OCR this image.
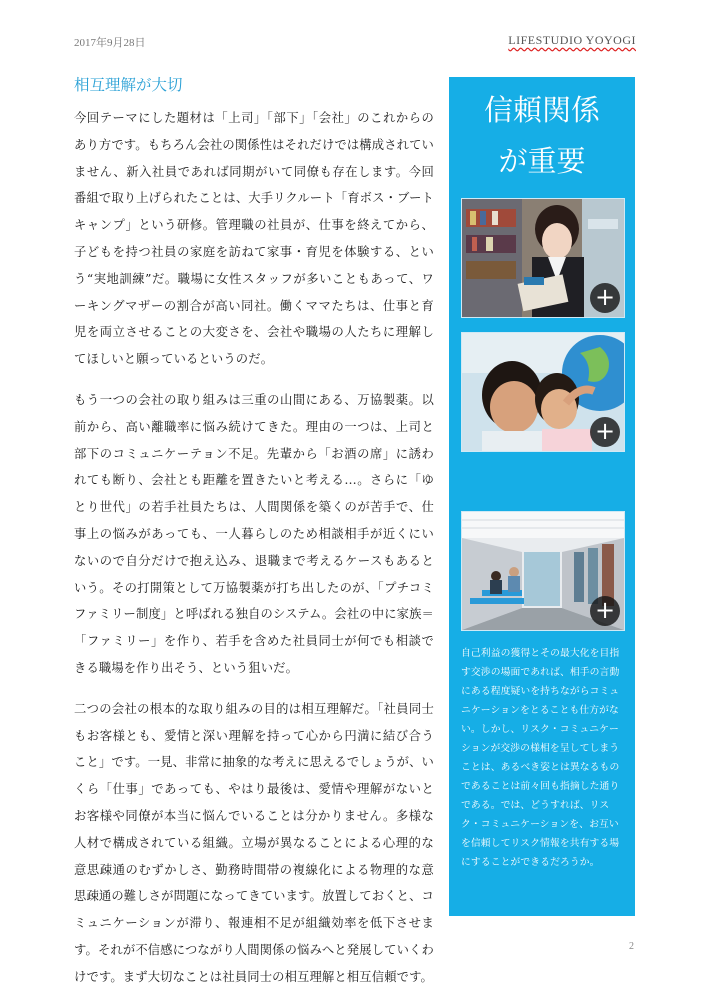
2017年9月28日	LIFESTUDIO YOYOGI
相互理解が大切

今回テーマにした題材は「上司」「部下」「会社」のこれからのあり方です。もちろん会社の関係性はそれだけでは構成されていません、新入社員であれば同期がいて同僚も存在します。今回番組で取り上げられたことは、大手リクルート「育ボス・ブートキャンプ」という研修。管理職の社員が、仕事を終えてから、子どもを持つ社員の家庭を訪ねて家事・育児を体験する、という“実地訓練”だ。職場に女性スタッフが多いこともあって、ワーキングマザーの割合が高い同社。働くママたちは、仕事と育児を両立させることの大変さを、会社や職場の人たちに理解してほしいと願っているというのだ。

もう一つの会社の取り組みは三重の山間にある、万協製薬。以前から、高い離職率に悩み続けてきた。理由の一つは、上司と部下のコミュニケーテョン不足。先輩から「お酒の席」に誘われても断り、会社とも距離を置きたいと考える…。さらに「ゆとり世代」の若手社員たちは、人間関係を築くのが苦手で、仕事上の悩みがあっても、一人暮らしのため相談相手が近くにいないので自分だけで抱え込み、退職まで考えるケースもあるという。その打開策として万協製薬が打ち出したのが、「プチコミファミリー制度」と呼ばれる独自のシステム。会社の中に家族＝「ファミリー」を作り、若手を含めた社員同士が何でも相談できる職場を作り出そう、という狙いだ。

二つの会社の根本的な取り組みの目的は相互理解だ。「社員同士もお客様とも、愛情と深い理解を持って心から円満に結び合うこと」です。一見、非常に抽象的な考えに思えるでしょうが、いくら「仕事」であっても、やはり最後は、愛情や理解がないとお客様や同僚が本当に悩んでいることは分かりません。多様な人材で構成されている組織。立場が異なることによる心理的な意思疎通のむずかしさ、勤務時間帯の複線化による物理的な意思疎通の難しさが問題になってきています。放置しておくと、コミュニケーションが滞り、報連相不足が組織効率を低下させます。それが不信感につながり人間関係の悩みへと発展していくわけです。まず大切なことは社員同士の相互理解と相互信頼です。

信頼関係
が重要
+
+
+
自己利益の獲得とその最大化を目指す交渉の場面であれば、相手の言動にある程度疑いを持ちながらコミュニケーションをとることも仕方がない。しかし、リスク・コミュニケーションが交渉の様相を呈してしまうことは、あるべき姿とは異なるものであることは前々回も指摘した通りである。では、どうすれば、リスク・コミュニケーションを、お互いを信頼してリスク情報を共有する場にすることができるだろうか。
2
